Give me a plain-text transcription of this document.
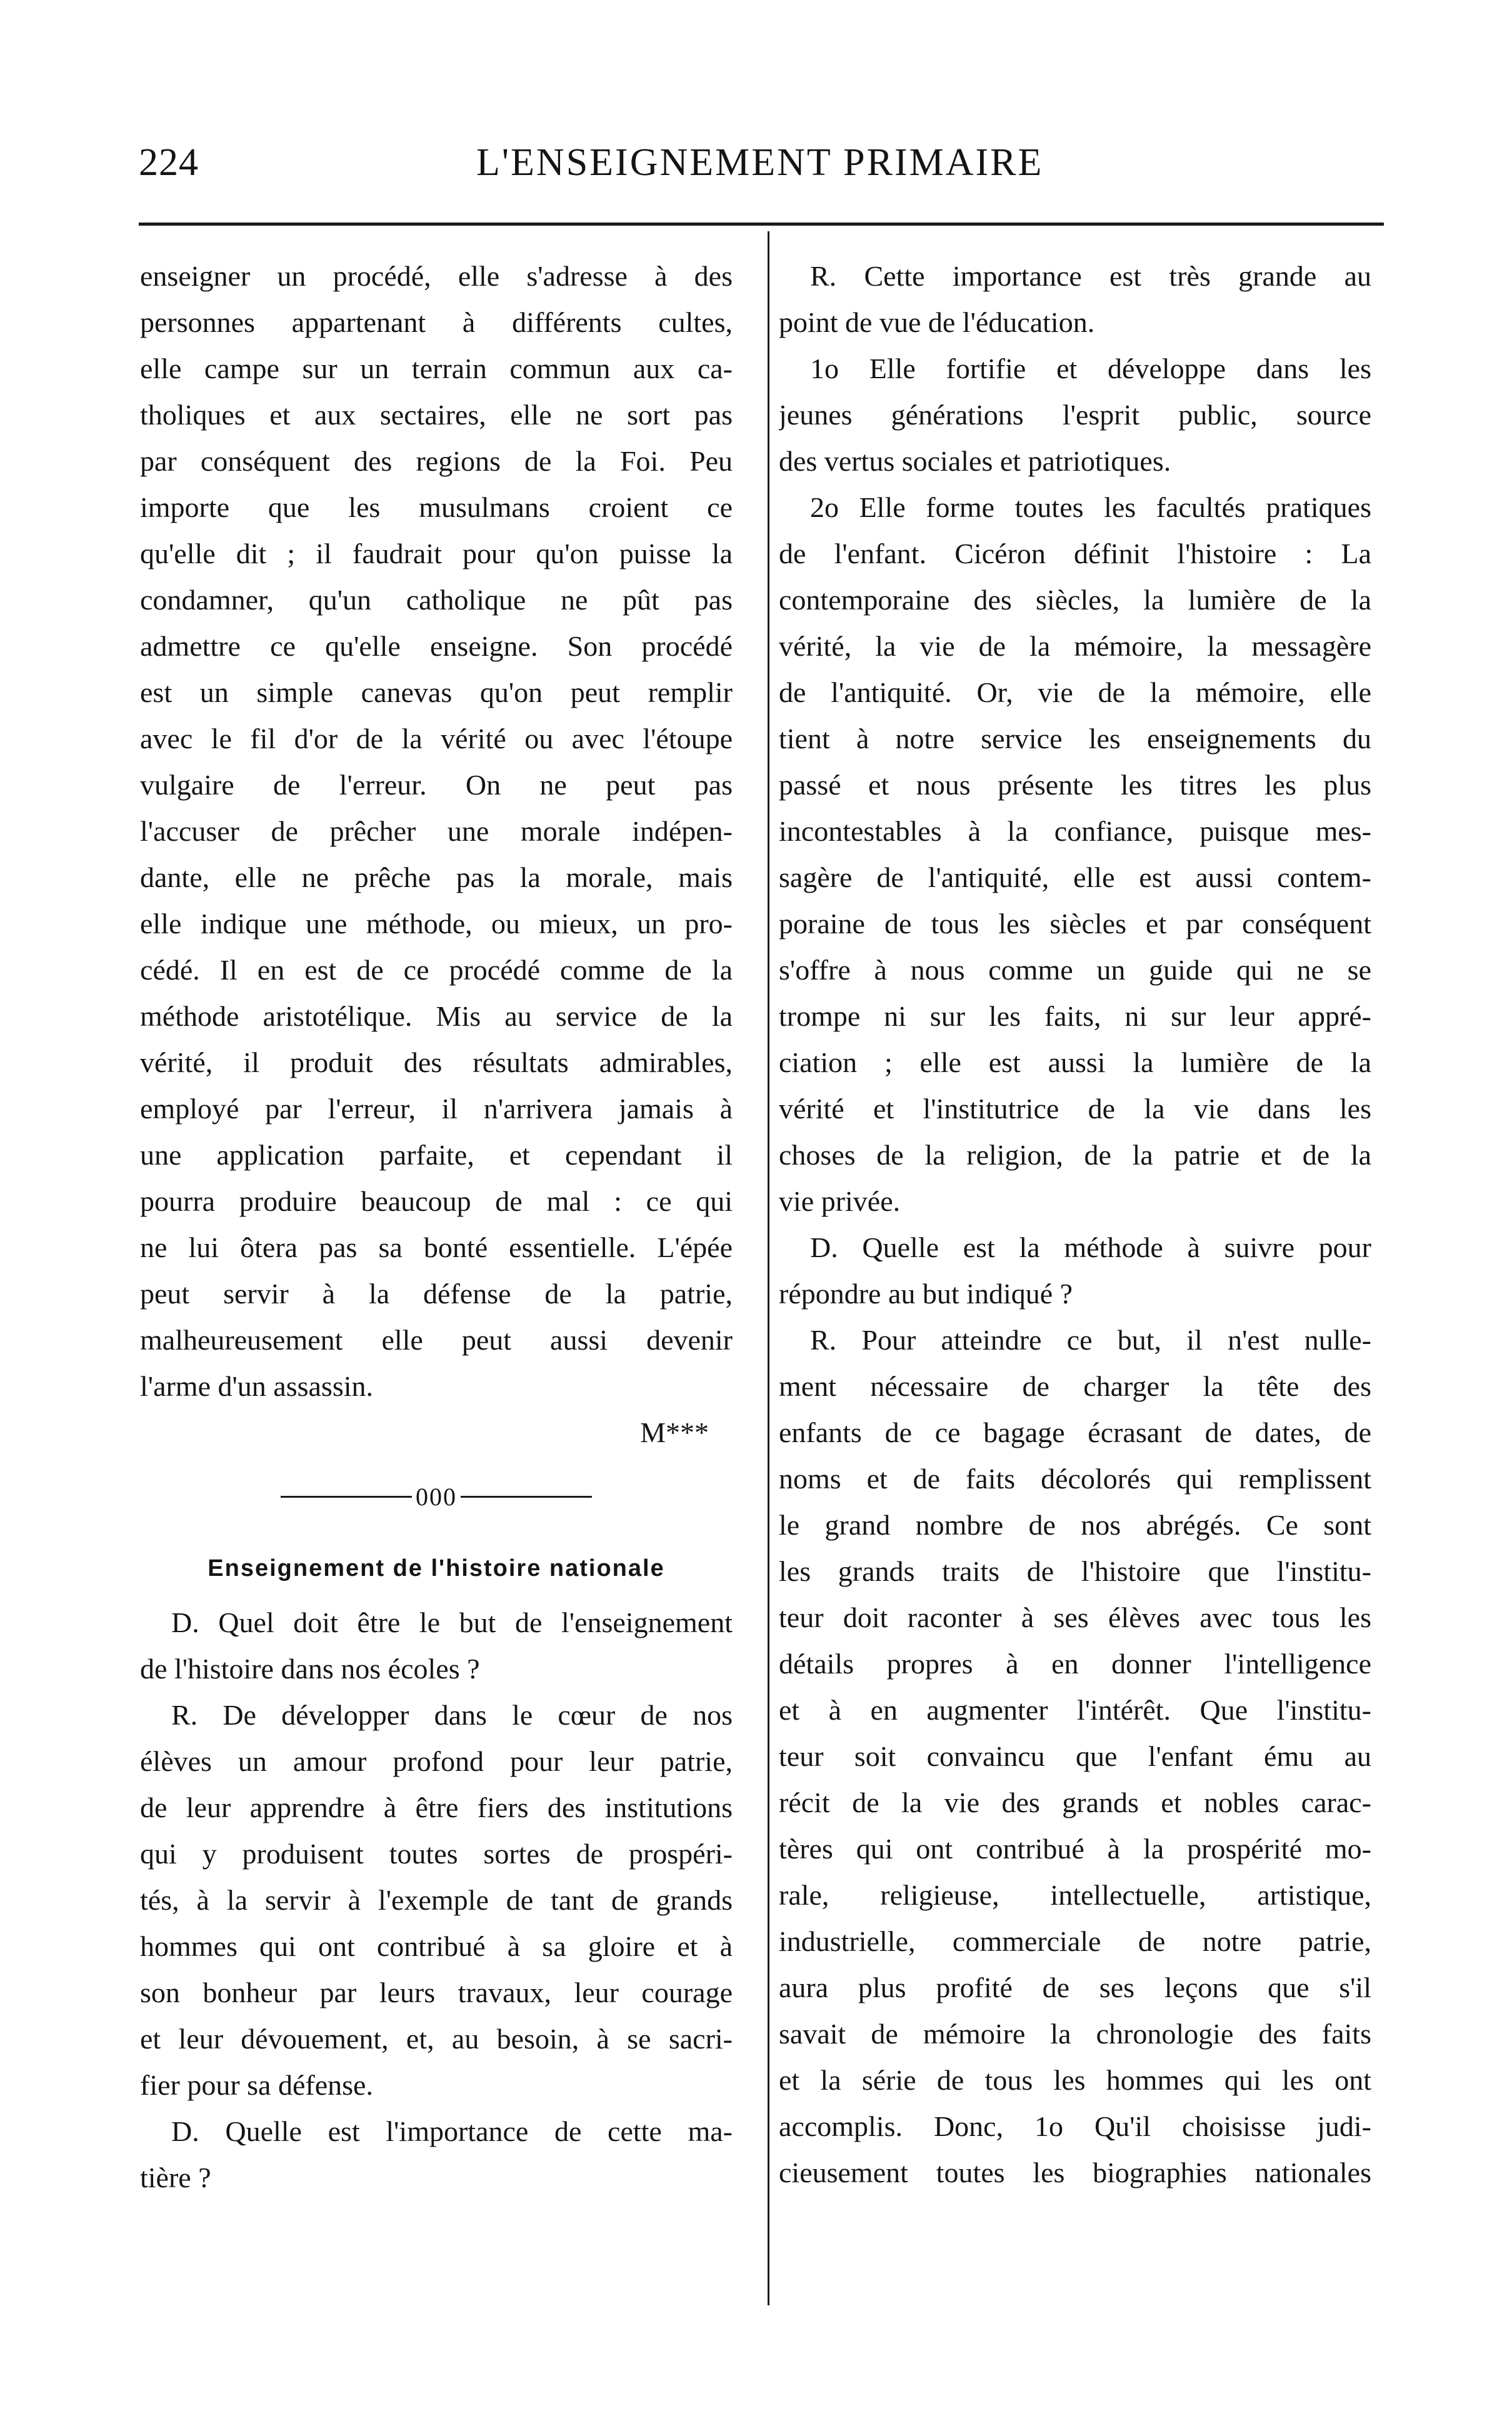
224	L'ENSEIGNEMENT PRIMAIRE
enseigner un procédé, elle s'adresse à des
personnes appartenant à différents cultes,
elle campe sur un terrain commun aux ca-
tholiques et aux sectaires, elle ne sort pas
par conséquent des regions de la Foi. Peu
importe que les musulmans croient ce
qu'elle dit ; il faudrait pour qu'on puisse la
condamner, qu'un catholique ne pût pas
admettre ce qu'elle enseigne. Son procédé
est un simple canevas qu'on peut remplir
avec le fil d'or de la vérité ou avec l'étoupe
vulgaire de l'erreur. On ne peut pas
l'accuser de prêcher une morale indépen-
dante, elle ne prêche pas la morale, mais
elle indique une méthode, ou mieux, un pro-
cédé. Il en est de ce procédé comme de la
méthode aristotélique. Mis au service de la
vérité, il produit des résultats admirables,
employé par l'erreur, il n'arrivera jamais à
une application parfaite, et cependant il
pourra produire beaucoup de mal : ce qui
ne lui ôtera pas sa bonté essentielle. L'épée
peut servir à la défense de la patrie,
malheureusement elle peut aussi devenir
l'arme d'un assassin.
M***
000
Enseignement de l'histoire nationale
D. Quel doit être le but de l'enseignement
de l'histoire dans nos écoles ?
R. De développer dans le cœur de nos
élèves un amour profond pour leur patrie,
de leur apprendre à être fiers des institutions
qui y produisent toutes sortes de prospéri-
tés, à la servir à l'exemple de tant de grands
hommes qui ont contribué à sa gloire et à
son bonheur par leurs travaux, leur courage
et leur dévouement, et, au besoin, à se sacri-
fier pour sa défense.
D. Quelle est l'importance de cette ma-
tière ?
R. Cette importance est très grande au
point de vue de l'éducation.
1o Elle fortifie et développe dans les
jeunes générations l'esprit public, source
des vertus sociales et patriotiques.
2o Elle forme toutes les facultés pratiques
de l'enfant. Cicéron définit l'histoire : La
contemporaine des siècles, la lumière de la
vérité, la vie de la mémoire, la messagère
de l'antiquité. Or, vie de la mémoire, elle
tient à notre service les enseignements du
passé et nous présente les titres les plus
incontestables à la confiance, puisque mes-
sagère de l'antiquité, elle est aussi contem-
poraine de tous les siècles et par conséquent
s'offre à nous comme un guide qui ne se
trompe ni sur les faits, ni sur leur appré-
ciation ; elle est aussi la lumière de la
vérité et l'institutrice de la vie dans les
choses de la religion, de la patrie et de la
vie privée.
D. Quelle est la méthode à suivre pour
répondre au but indiqué ?
R. Pour atteindre ce but, il n'est nulle-
ment nécessaire de charger la tête des
enfants de ce bagage écrasant de dates, de
noms et de faits décolorés qui remplissent
le grand nombre de nos abrégés. Ce sont
les grands traits de l'histoire que l'institu-
teur doit raconter à ses élèves avec tous les
détails propres à en donner l'intelligence
et à en augmenter l'intérêt. Que l'institu-
teur soit convaincu que l'enfant ému au
récit de la vie des grands et nobles carac-
tères qui ont contribué à la prospérité mo-
rale, religieuse, intellectuelle, artistique,
industrielle, commerciale de notre patrie,
aura plus profité de ses leçons que s'il
savait de mémoire la chronologie des faits
et la série de tous les hommes qui les ont
accomplis. Donc, 1o Qu'il choisisse judi-
cieusement toutes les biographies nationales
